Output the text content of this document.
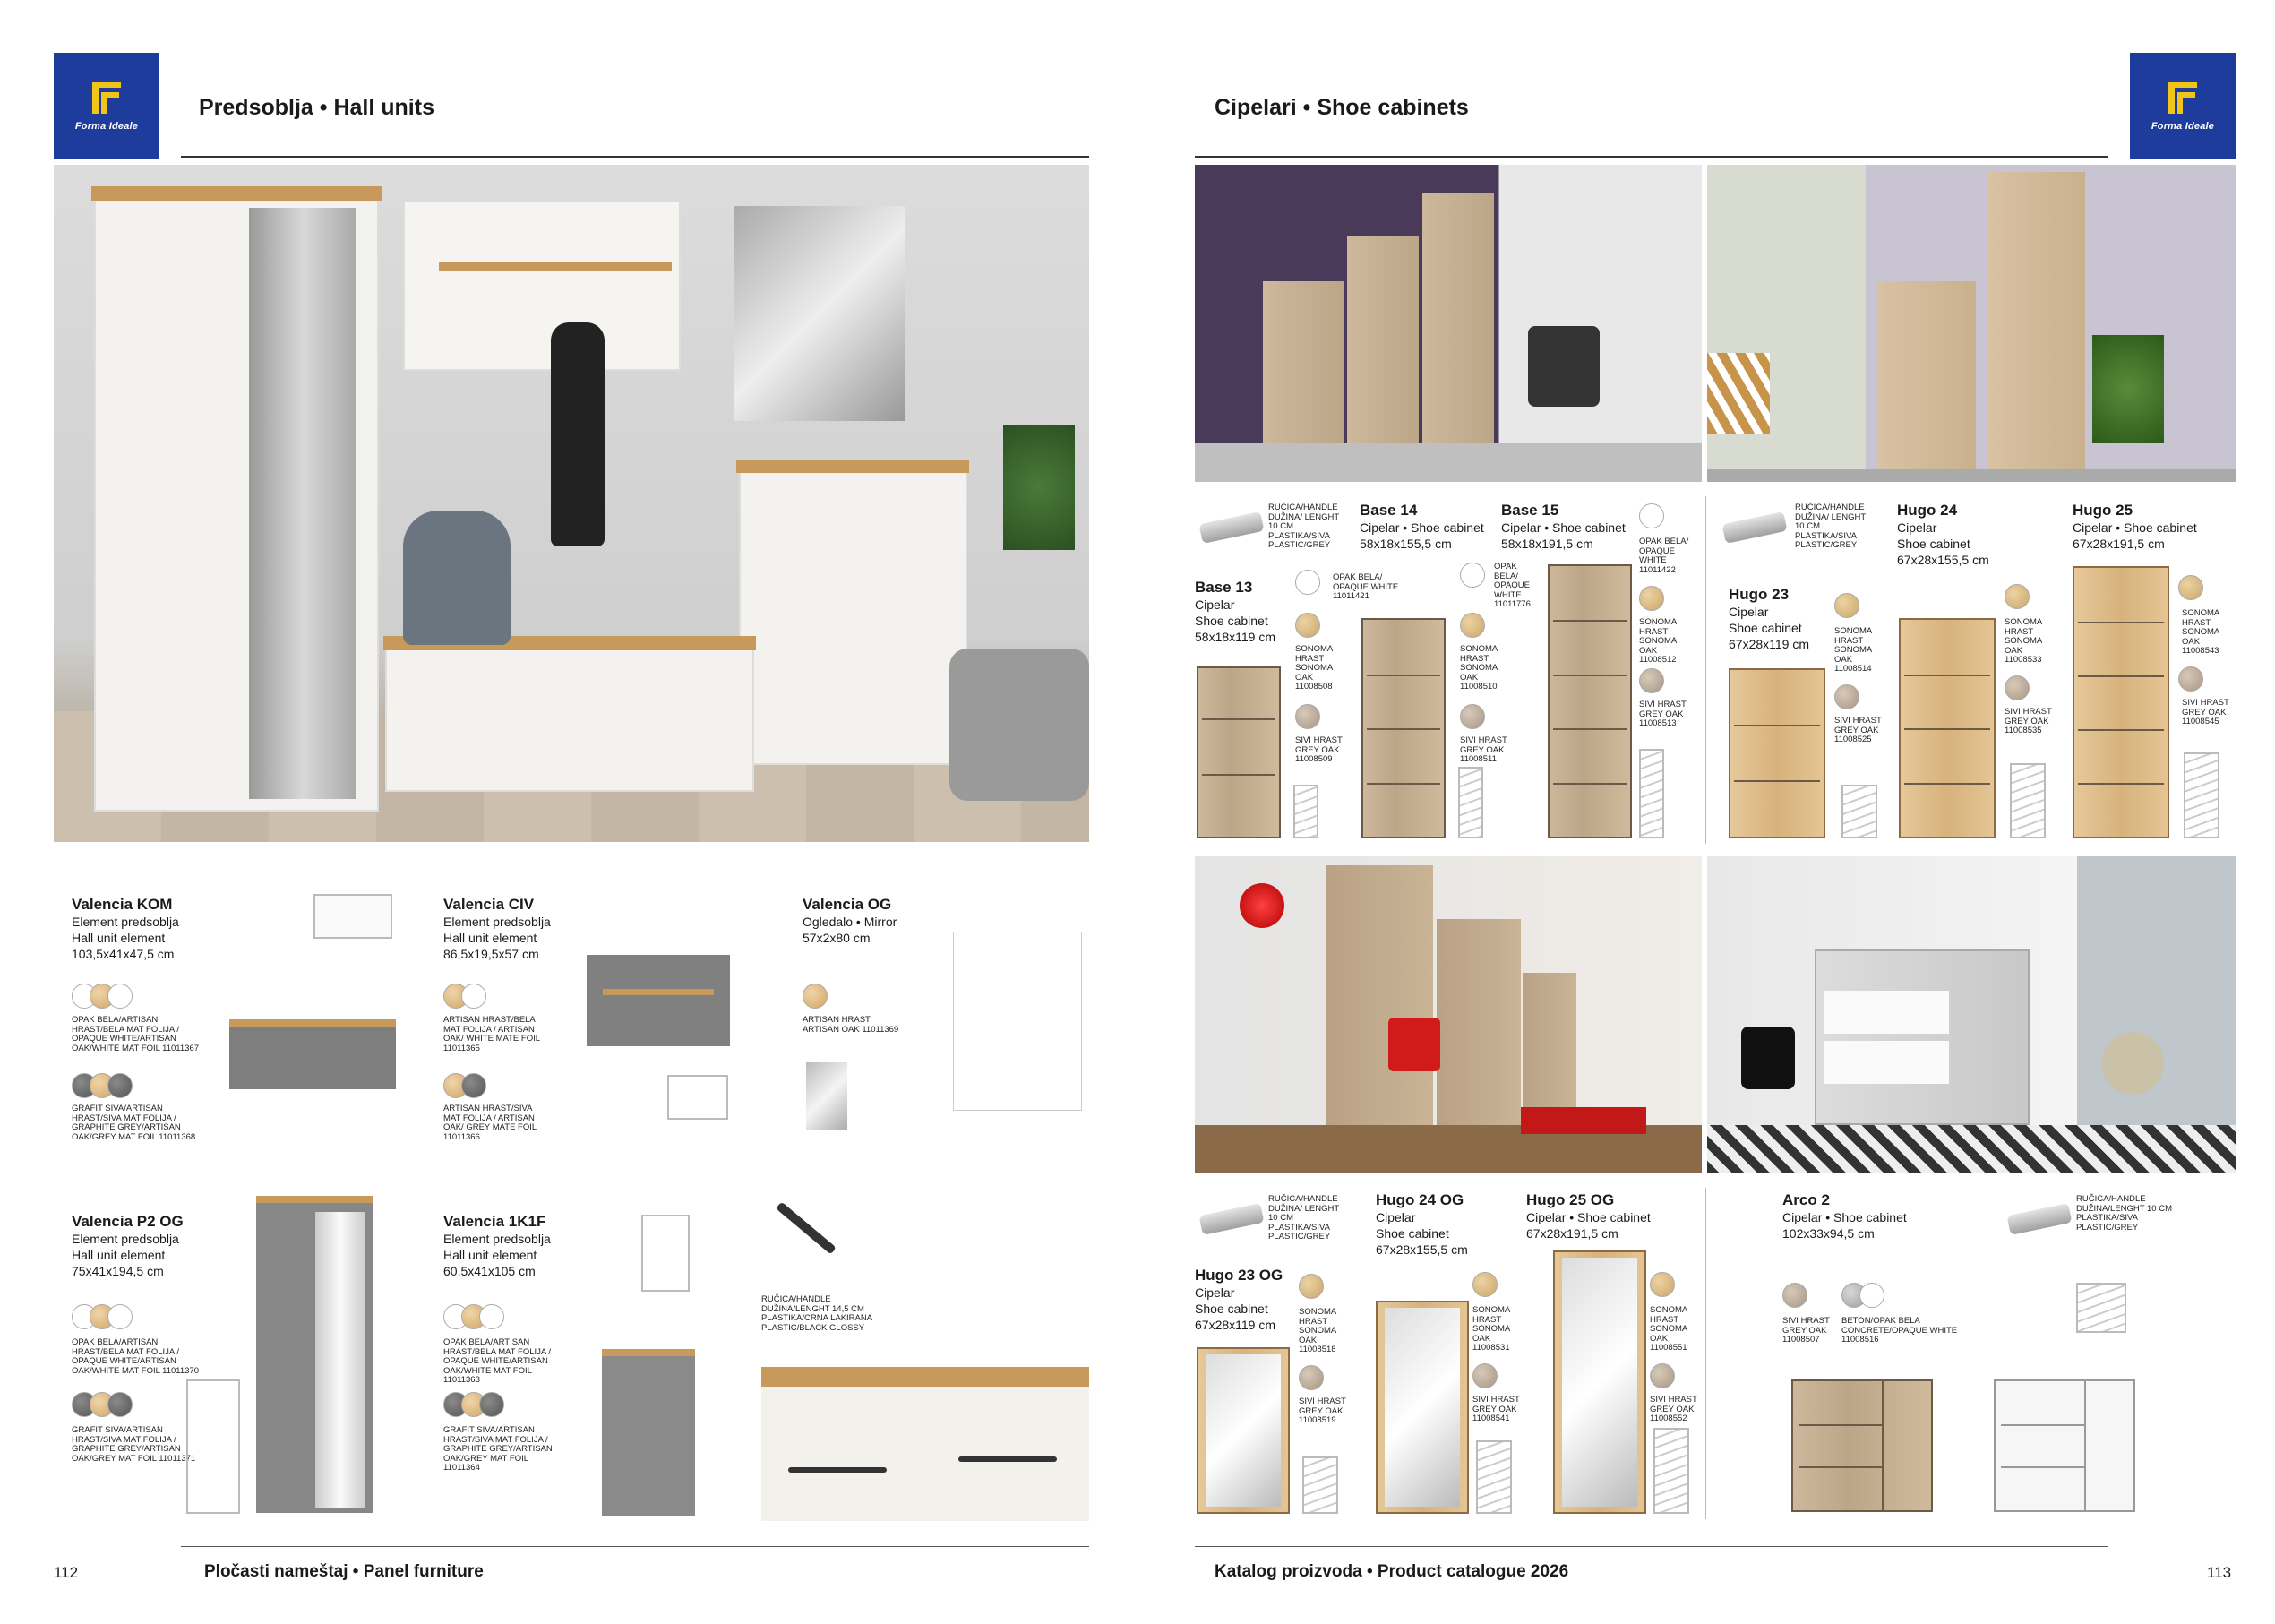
Forma Ideale
Predsoblja • Hall units
Valencia KOM

Element predsoblja

Hall unit element

103,5x41x47,5 cm

OPAK BELA/ARTISAN HRAST/BELA MAT FOLIJA / OPAQUE WHITE/ARTISAN OAK/WHITE MAT FOIL 11011367
GRAFIT SIVA/ARTISAN HRAST/SIVA MAT FOLIJA / GRAPHITE GREY/ARTISAN OAK/GREY MAT FOIL 11011368
Valencia CIV

Element predsoblja

Hall unit element

86,5x19,5x57 cm

ARTISAN HRAST/BELA MAT FOLIJA / ARTISAN OAK/ WHITE MATE FOIL 11011365
ARTISAN HRAST/SIVA MAT FOLIJA / ARTISAN OAK/ GREY MATE FOIL 11011366
Valencia OG

Ogledalo • Mirror

57x2x80 cm

ARTISAN HRAST ARTISAN OAK 11011369
Valencia P2 OG

Element predsoblja

Hall unit element

75x41x194,5 cm

OPAK BELA/ARTISAN HRAST/BELA MAT FOLIJA / OPAQUE WHITE/ARTISAN OAK/WHITE MAT FOIL 11011370
GRAFIT SIVA/ARTISAN HRAST/SIVA MAT FOLIJA / GRAPHITE GREY/ARTISAN OAK/GREY MAT FOIL 11011371
Valencia 1K1F

Element predsoblja

Hall unit element

60,5x41x105 cm

OPAK BELA/ARTISAN HRAST/BELA MAT FOLIJA / OPAQUE WHITE/ARTISAN OAK/WHITE MAT FOIL 11011363
GRAFIT SIVA/ARTISAN HRAST/SIVA MAT FOLIJA / GRAPHITE GREY/ARTISAN OAK/GREY MAT FOIL 11011364
RUČICA/HANDLE DUŽINA/LENGHT 14,5 CM PLASTIKA/CRNA LAKIRANA PLASTIC/BLACK GLOSSY
112	Pločasti nameštaj • Panel furniture
Forma Ideale
Cipelari • Shoe cabinets
RUČICA/HANDLE DUŽINA/ LENGHT 10 CM PLASTIKA/SIVA PLASTIC/GREY
Base 13

Cipelar

Shoe cabinet

58x18x119 cm

OPAK BELA/ OPAQUE WHITE 11011421
SONOMA HRAST SONOMA OAK 11008508
SIVI HRAST GREY OAK 11008509
Base 14

Cipelar • Shoe cabinet

58x18x155,5 cm

OPAK BELA/ OPAQUE WHITE 11011776
SONOMA HRAST SONOMA OAK 11008510
SIVI HRAST GREY OAK 11008511
Base 15

Cipelar • Shoe cabinet

58x18x191,5 cm	OPAK BELA/ OPAQUE WHITE 11011422
SONOMA HRAST SONOMA OAK 11008512
SIVI HRAST GREY OAK 11008513
RUČICA/HANDLE DUŽINA/ LENGHT 10 CM PLASTIKA/SIVA PLASTIC/GREY
Hugo 23

Cipelar

Shoe cabinet

67x28x119 cm

SONOMA HRAST SONOMA OAK 11008514
SIVI HRAST GREY OAK 11008525
Hugo 24

Cipelar

Shoe cabinet

67x28x155,5 cm

SONOMA HRAST SONOMA OAK 11008533
SIVI HRAST GREY OAK 11008535
Hugo 25

Cipelar • Shoe cabinet

67x28x191,5 cm

SONOMA HRAST SONOMA OAK 11008543
SIVI HRAST GREY OAK 11008545
RUČICA/HANDLE DUŽINA/ LENGHT 10 CM PLASTIKA/SIVA PLASTIC/GREY
Hugo 23 OG

Cipelar

Shoe cabinet

67x28x119 cm

SONOMA HRAST SONOMA OAK 11008518
SIVI HRAST GREY OAK 11008519
Hugo 24 OG

Cipelar

Shoe cabinet

67x28x155,5 cm

SONOMA HRAST SONOMA OAK 11008531
SIVI HRAST GREY OAK 11008541
Hugo 25 OG

Cipelar • Shoe cabinet

67x28x191,5 cm

SONOMA HRAST SONOMA OAK 11008551
SIVI HRAST GREY OAK 11008552
Arco 2

Cipelar • Shoe cabinet

102x33x94,5 cm

RUČICA/HANDLE DUŽINA/LENGHT 10 CM PLASTIKA/SIVA PLASTIC/GREY
SIVI HRAST GREY OAK 11008507
BETON/OPAK BELA CONCRETE/OPAQUE WHITE 11008516
Katalog proizvoda • Product catalogue 2026	113
